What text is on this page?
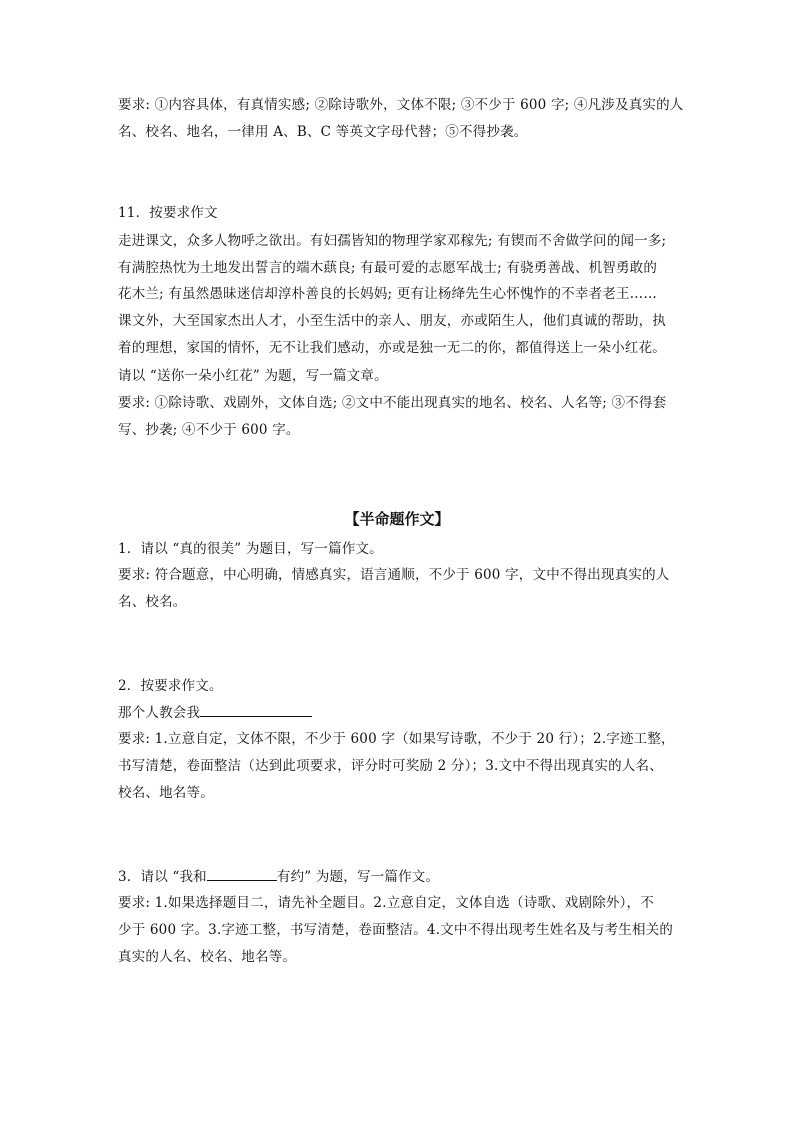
要求: ①内容具体，有真情实感; ②除诗歌外，文体不限; ③不少于 600 字; ④凡涉及真实的人
名、校名、地名，一律用 A、B、C 等英文字母代替；⑤不得抄袭。
11．按要求作文
走进课文，众多人物呼之欲出。有妇孺皆知的物理学家邓稼先; 有锲而不舍做学问的闻一多;
有满腔热忱为土地发出誓言的端木蕻良; 有最可爱的志愿军战士; 有骁勇善战、机智勇敢的
花木兰; 有虽然愚昧迷信却淳朴善良的长妈妈; 更有让杨绛先生心怀愧怍的不幸者老王……
课文外，大至国家杰出人才，小至生活中的亲人、朋友，亦或陌生人，他们真诚的帮助，执
着的理想，家国的情怀，无不让我们感动，亦或是独一无二的你，都值得送上一朵小红花。
请以 “送你一朵小红花” 为题，写一篇文章。
要求: ①除诗歌、戏剧外，文体自选; ②文中不能出现真实的地名、校名、人名等; ③不得套
写、抄袭; ④不少于 600 字。
【半命题作文】
1．请以 “真的很美” 为题目，写一篇作文。
要求: 符合题意，中心明确，情感真实，语言通顺，不少于 600 字，文中不得出现真实的人
名、校名。
2．按要求作文。
那个人教会我
要求: 1.立意自定，文体不限，不少于 600 字（如果写诗歌，不少于 20 行）；2.字迹工整，
书写清楚，卷面整洁（达到此项要求，评分时可奖励 2 分）；3.文中不得出现真实的人名、
校名、地名等。
3．请以 “我和	有约” 为题，写一篇作文。
要求: 1.如果选择题目二，请先补全题目。2.立意自定，文体自选（诗歌、戏剧除外），不
少于 600 字。3.字迹工整，书写清楚，卷面整洁。4.文中不得出现考生姓名及与考生相关的
真实的人名、校名、地名等。
